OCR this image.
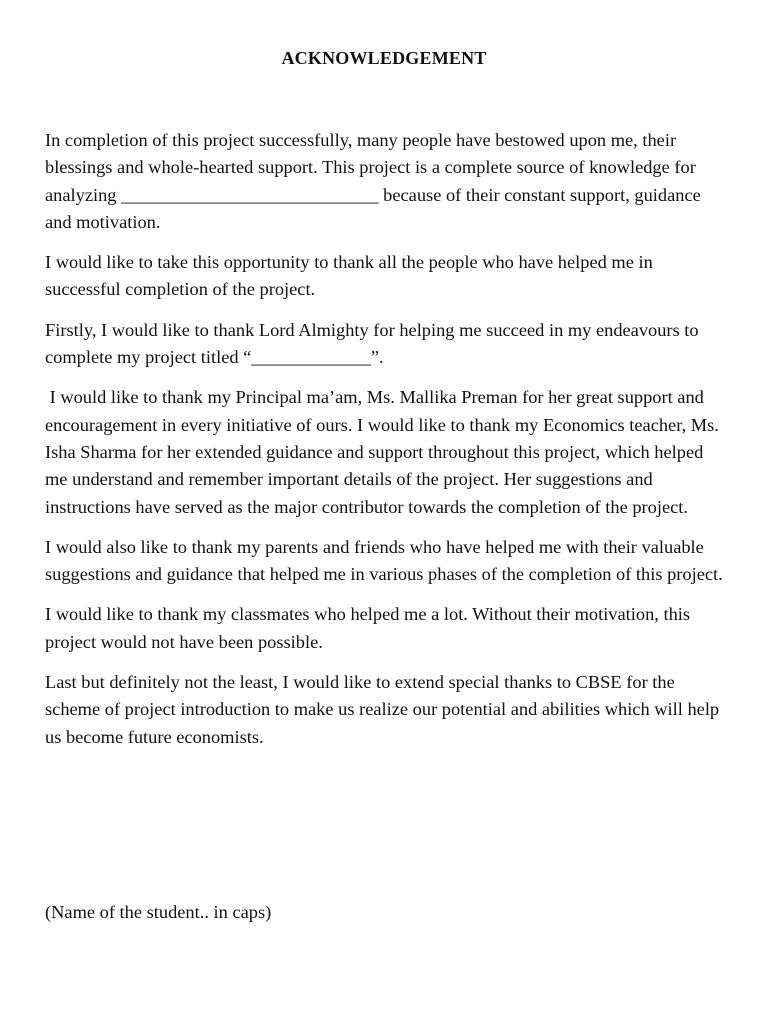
ACKNOWLEDGEMENT

In completion of this project successfully, many people have bestowed upon me, their blessings and whole-hearted support. This project is a complete source of knowledge for analyzing ____________________________ because of their constant support, guidance and motivation.

I would like to take this opportunity to thank all the people who have helped me in successful completion of the project.

Firstly, I would like to thank Lord Almighty for helping me succeed in my endeavours to complete my project titled “_____________”.

I would like to thank my Principal ma’am, Ms. Mallika Preman for her great support and encouragement in every initiative of ours. I would like to thank my Economics teacher, Ms. Isha Sharma for her extended guidance and support throughout this project, which helped me understand and remember important details of the project. Her suggestions and instructions have served as the major contributor towards the completion of the project.

I would also like to thank my parents and friends who have helped me with their valuable suggestions and guidance that helped me in various phases of the completion of this project.

I would like to thank my classmates who helped me a lot. Without their motivation, this project would not have been possible.

Last but definitely not the least, I would like to extend special thanks to CBSE for the scheme of project introduction to make us realize our potential and abilities which will help us become future economists.

(Name of the student.. in caps)
